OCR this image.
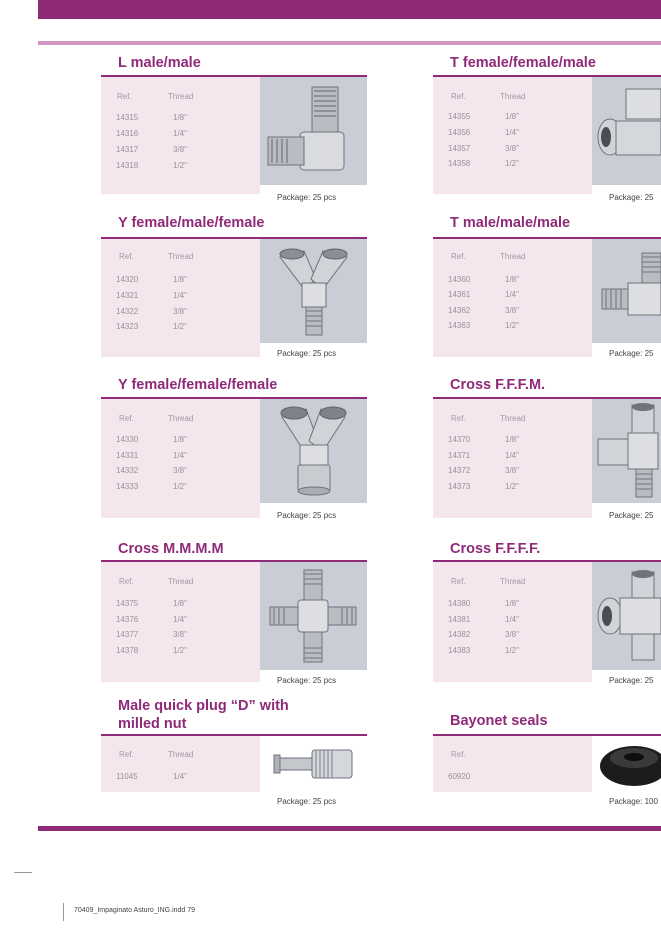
L male/male
Ref.	Thread
14315	1/8"
14316	1/4"
14317	3/8"
14318	1/2"
Package: 25 pcs
Y female/male/female
Ref.	Thread
14320	1/8"
14321	1/4"
14322	3/8"
14323	1/2"
Package: 25 pcs
Y female/female/female
Ref.	Thread
14330	1/8"
14331	1/4"
14332	3/8"
14333	1/2"
Package: 25 pcs
Cross M.M.M.M
Ref.	Thread
14375	1/8"
14376	1/4"
14377	3/8"
14378	1/2"
Package: 25 pcs
Male quick plug “D” with milled nut
Ref.	Thread
11045	1/4"
Package: 25 pcs
T female/female/male
Ref.	Thread
14355	1/8"
14356	1/4"
14357	3/8"
14358	1/2"
Package: 25
T male/male/male
Ref.	Thread
14360	1/8"
14361	1/4"
14362	3/8"
14363	1/2"
Package: 25
Cross F.F.F.M.
Ref.	Thread
14370	1/8"
14371	1/4"
14372	3/8"
14373	1/2"
Package: 25
Cross F.F.F.F.
Ref.	Thread
14380	1/8"
14381	1/4"
14382	3/8"
14383	1/2"
Package: 25
Bayonet seals
Ref.
60920
Package: 100
70409_Impaginato Asturo_ING.indd 79
